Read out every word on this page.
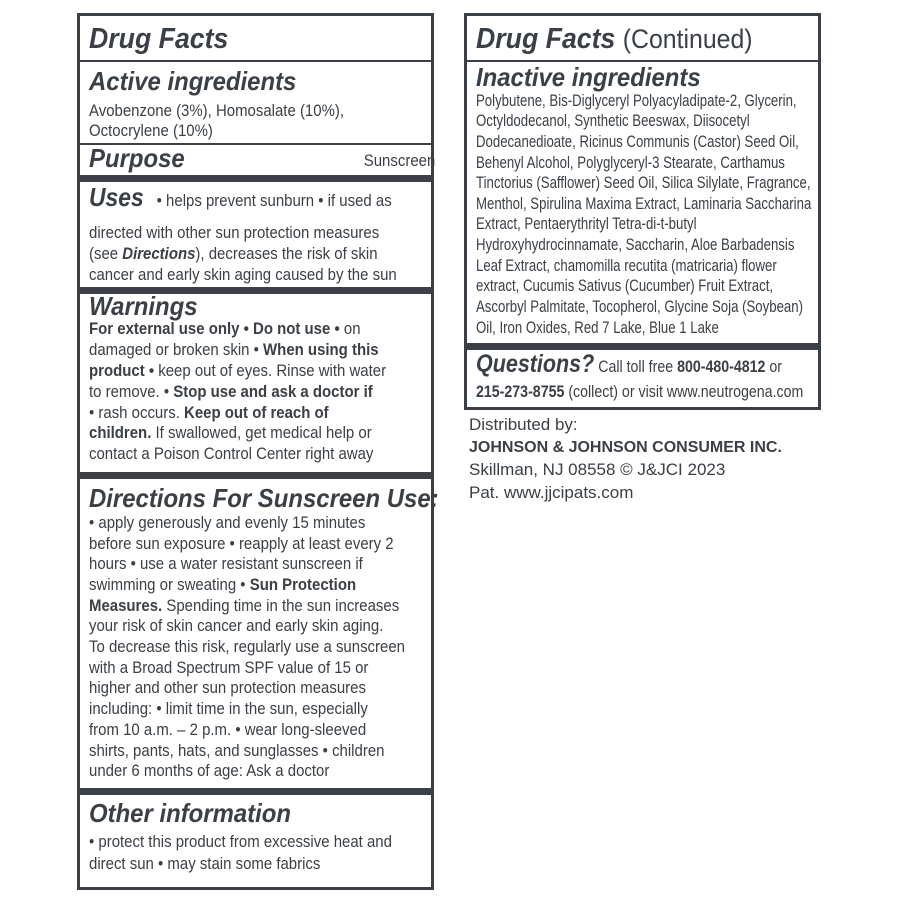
Drug Facts
Active ingredients
Avobenzone (3%), Homosalate (10%),
Octocrylene (10%)
Purpose	Sunscreen
Uses • helps prevent sunburn • if used as
directed with other sun protection measures
(see Directions), decreases the risk of skin
cancer and early skin aging caused by the sun
Warnings
For external use only • Do not use • on
damaged or broken skin • When using this
product • keep out of eyes. Rinse with water
to remove. • Stop use and ask a doctor if
• rash occurs. Keep out of reach of
children. If swallowed, get medical help or
contact a Poison Control Center right away
Directions For Sunscreen Use:
• apply generously and evenly 15 minutes
before sun exposure • reapply at least every 2
hours • use a water resistant sunscreen if
swimming or sweating • Sun Protection
Measures. Spending time in the sun increases
your risk of skin cancer and early skin aging.
To decrease this risk, regularly use a sunscreen
with a Broad Spectrum SPF value of 15 or
higher and other sun protection measures
including: • limit time in the sun, especially
from 10 a.m. – 2 p.m. • wear long-sleeved
shirts, pants, hats, and sunglasses • children
under 6 months of age: Ask a doctor
Other information
• protect this product from excessive heat and
direct sun • may stain some fabrics
Drug Facts (Continued)
Inactive ingredients
Polybutene, Bis-Diglyceryl Polyacyladipate-2, Glycerin,
Octyldodecanol, Synthetic Beeswax, Diisocetyl
Dodecanedioate, Ricinus Communis (Castor) Seed Oil,
Behenyl Alcohol, Polyglyceryl-3 Stearate, Carthamus
Tinctorius (Safflower) Seed Oil, Silica Silylate, Fragrance,
Menthol, Spirulina Maxima Extract, Laminaria Saccharina
Extract, Pentaerythrityl Tetra-di-t-butyl
Hydroxyhydrocinnamate, Saccharin, Aloe Barbadensis
Leaf Extract, chamomilla recutita (matricaria) flower
extract, Cucumis Sativus (Cucumber) Fruit Extract,
Ascorbyl Palmitate, Tocopherol, Glycine Soja (Soybean)
Oil, Iron Oxides, Red 7 Lake, Blue 1 Lake
Questions? Call toll free 800-480-4812 or
215-273-8755 (collect) or visit www.neutrogena.com
Distributed by:
JOHNSON & JOHNSON CONSUMER INC.
Skillman, NJ 08558 © J&JCI 2023
Pat. www.jjcipats.com
